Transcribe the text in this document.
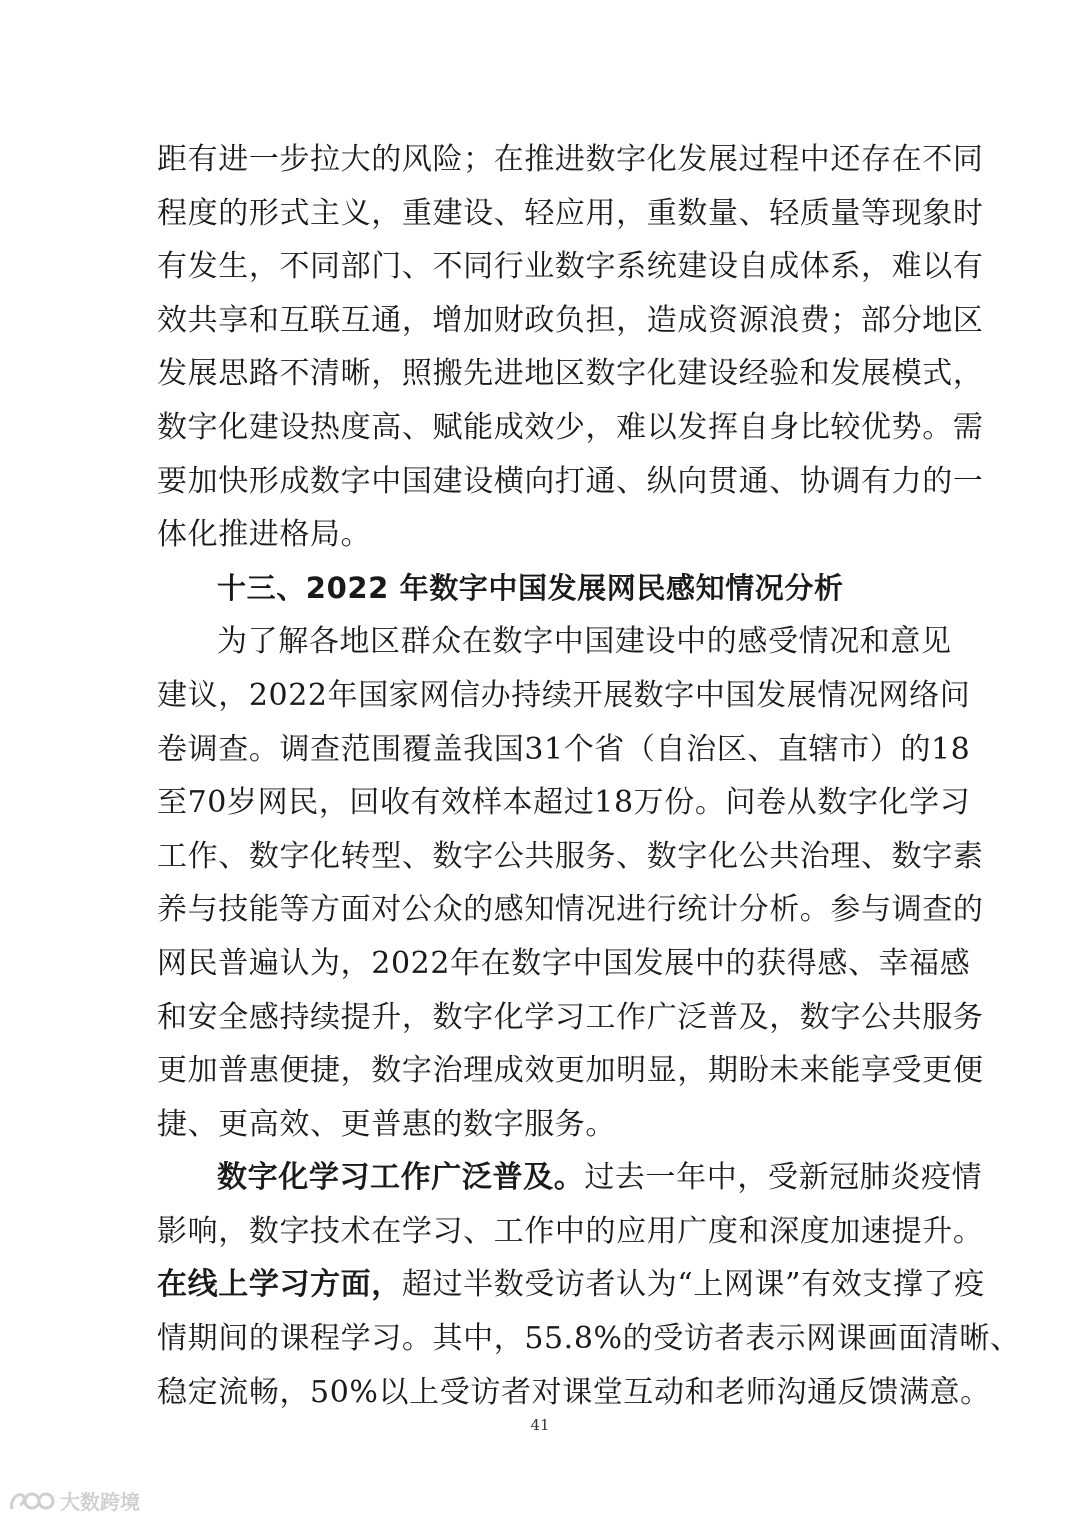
距 有 进 一 步 拉 大 的 风 险 ； 在 推 进 数 字 化 发 展 过 程 中 还 存 在 不 同
程 度 的 形 式 主 义 ， 重 建 设 、 轻 应 用 ， 重 数 量 、 轻 质 量 等 现 象 时
有 发 生 ， 不 同 部 门 、 不 同 行 业 数 字 系 统 建 设 自 成 体 系 ， 难 以 有
效 共 享 和 互 联 互 通 ， 增 加 财 政 负 担 ， 造 成 资 源 浪 费 ； 部 分 地 区
发 展 思 路 不 清 晰 ， 照 搬 先 进 地 区 数 字 化 建 设 经 验 和 发 展 模 式 ，
数 字 化 建 设 热 度 高 、 赋 能 成 效 少 ， 难 以 发 挥 自 身 比 较 优 势 。 需
要 加 快 形 成 数 字 中 国 建 设 横 向 打 通 、 纵 向 贯 通 、 协 调 有 力 的 一
体化推进格局。
十三、2022 年数字中国发展网民感知情况分析
为 了 解 各 地 区 群 众 在 数 字 中 国 建 设 中 的 感 受 情 况 和 意 见
建 议 ， 2022 年 国 家 网 信 办 持 续 开 展 数 字 中 国 发 展 情 况 网 络 问
卷 调 查 。 调 查 范 围 覆 盖 我 国 31 个 省 （ 自 治 区 、 直 辖 市 ） 的 18
至 70 岁 网 民 ， 回 收 有 效 样 本 超 过 18 万 份 。 问 卷 从 数 字 化 学 习
工 作 、 数 字 化 转 型 、 数 字 公 共 服 务 、 数 字 化 公 共 治 理 、 数 字 素
养 与 技 能 等 方 面 对 公 众 的 感 知 情 况 进 行 统 计 分 析 。 参 与 调 查 的
网 民 普 遍 认 为 ， 2022 年 在 数 字 中 国 发 展 中 的 获 得 感 、 幸 福 感
和 安 全 感 持 续 提 升 ， 数 字 化 学 习 工 作 广 泛 普 及 ， 数 字 公 共 服 务
更 加 普 惠 便 捷 ， 数 字 治 理 成 效 更 加 明 显 ， 期 盼 未 来 能 享 受 更 便
捷、更高效、更普惠的数字服务。
数 字 化 学 习 工 作 广 泛 普 及 。 过 去 一 年 中 ， 受 新 冠 肺 炎 疫 情
影 响 ， 数 字 技 术 在 学 习 、 工 作 中 的 应 用 广 度 和 深 度 加 速 提 升 。
在 线 上 学 习 方 面 ， 超 过 半 数 受 访 者 认 为 “ 上 网 课 ” 有 效 支 撑 了 疫
情 期 间 的 课 程 学 习 。 其 中 ， 55.8% 的 受 访 者 表 示 网 课 画 面 清 晰 、
稳 定 流 畅 ， 50% 以 上 受 访 者 对 课 堂 互 动 和 老 师 沟 通 反 馈 满 意 。
41
大数跨境
